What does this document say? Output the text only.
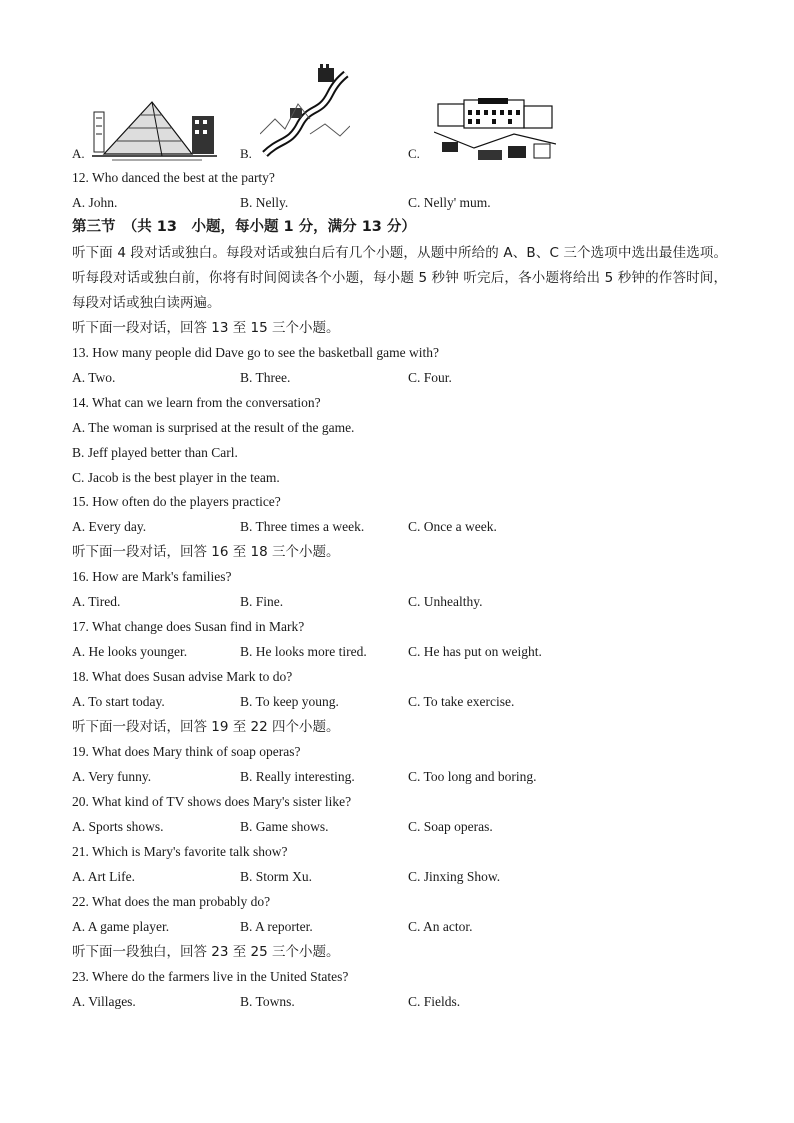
A.	B.	C.
12. Who danced the best at the party?
A. John.	B. Nelly.	C. Nelly' mum.
第三节　（共 13　小题，每小题 1 分，满分 13 分）
听下面 4 段对话或独白。每段对话或独白后有几个小题，从题中所给的 A、B、C 三个选项中选出最佳选项。听每段对话或独白前，你将有时间阅读各个小题，每小题 5 秒钟 听完后，各小题将给出 5 秒钟的作答时间， 每段对话或独白读两遍。
听下面一段对话，回答 13 至 15 三个小题。
13. How many people did Dave go to see the basketball game with?
A. Two.	B. Three.	C. Four.
14. What can we learn from the conversation?
A. The woman is surprised at the result of the game.
B. Jeff played better than Carl.
C. Jacob is the best player in the team.
15. How often do the players practice?
A. Every day.	B. Three times a week.	C. Once a week.
听下面一段对话，回答 16 至 18 三个小题。
16. How are Mark's families?
A. Tired.	B. Fine.	C. Unhealthy.
17. What change does Susan find in Mark?
A. He looks younger.	B. He looks more tired.	C. He has put on weight.
18. What does Susan advise Mark to do?
A. To start today.	B. To keep young.	C. To take exercise.
听下面一段对话，回答 19 至 22 四个小题。
19. What does Mary think of soap operas?
A. Very funny.	B. Really interesting.	C. Too long and boring.
20. What kind of TV shows does Mary's sister like?
A. Sports shows.	B. Game shows.	C. Soap operas.
21. Which is Mary's favorite talk show?
A. Art Life.	B. Storm Xu.	C. Jinxing Show.
22. What does the man probably do?
A. A game player.	B. A reporter.	C. An actor.
听下面一段独白，回答 23 至 25 三个小题。
23. Where do the farmers live in the United States?
A. Villages.	B. Towns.	C. Fields.
